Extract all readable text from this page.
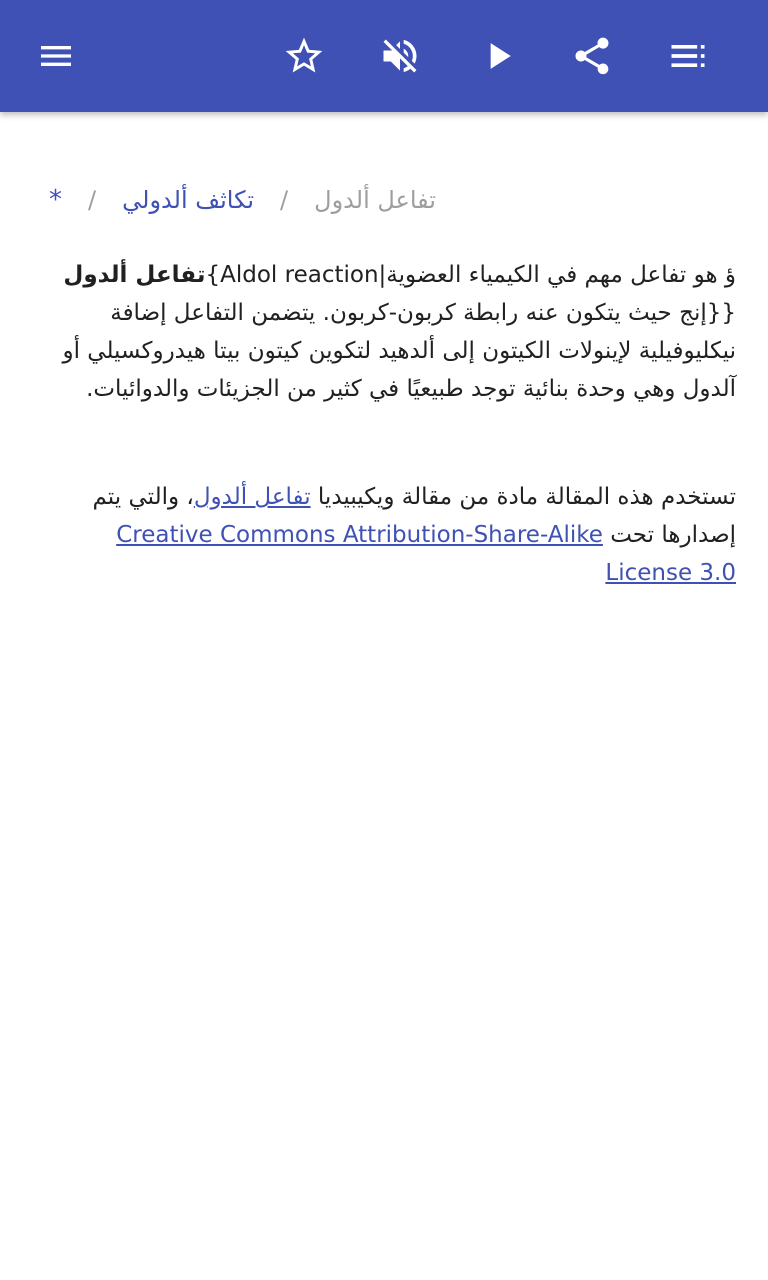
تفاعل ألدول
/
تكاثف ألدولي
/
*
ؤ هو تفاعل مهم في الكيمياء العضوية{Aldol reaction|تفاعل ألدول {{إنج حيث يتكون عنه رابطة كربون-كربون. يتضمن التفاعل إضافة نيكليوفيلية لإينولات الكيتون إلى ألدهيد لتكوين كيتون بيتا هيدروكسيلي أو آلدول وهي وحدة بنائية توجد طبيعيًا في كثير من الجزيئات والدوائيات.
تستخدم هذه المقالة مادة من مقالة ويكيبيديا تفاعل ألدول، والتي يتم إصدارها تحت Creative Commons Attribution-Share-Alike License 3.0
